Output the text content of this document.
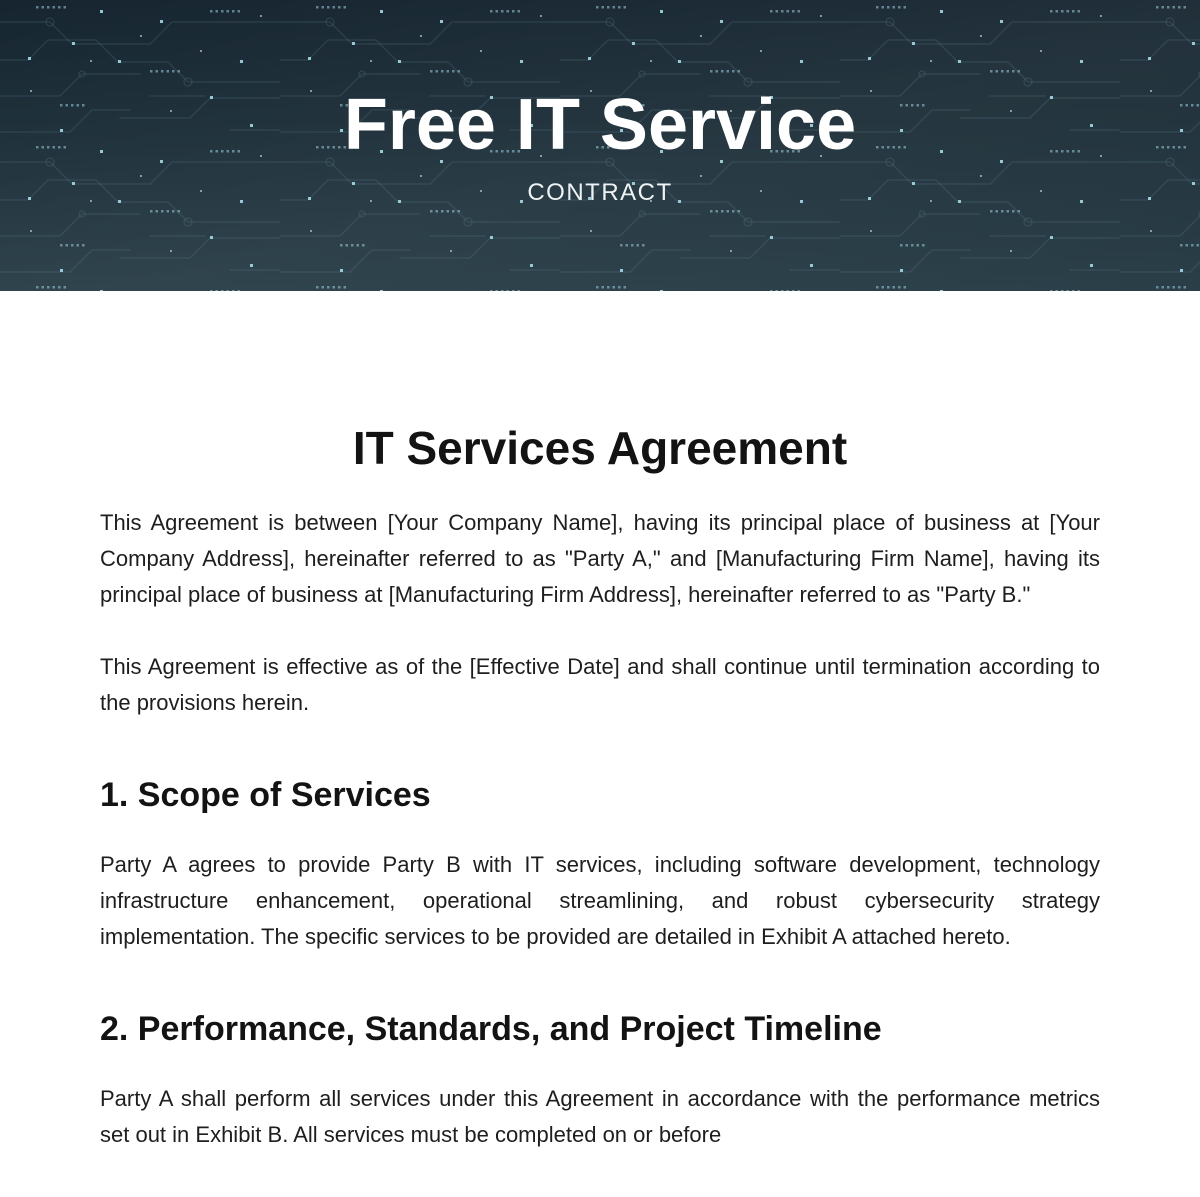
Free IT Service
CONTRACT
IT Services Agreement

This Agreement is between [Your Company Name], having its principal place of business at [Your Company Address], hereinafter referred to as "Party A," and [Manufacturing Firm Name], having its principal place of business at [Manufacturing Firm Address], hereinafter referred to as "Party B."

This Agreement is effective as of the [Effective Date] and shall continue until termination according to the provisions herein.

1. Scope of Services

Party A agrees to provide Party B with IT services, including software development, technology infrastructure enhancement, operational streamlining, and robust cybersecurity strategy implementation. The specific services to be provided are detailed in Exhibit A attached hereto.

2. Performance, Standards, and Project Timeline

Party A shall perform all services under this Agreement in accordance with the performance metrics set out in Exhibit B. All services must be completed on or before
